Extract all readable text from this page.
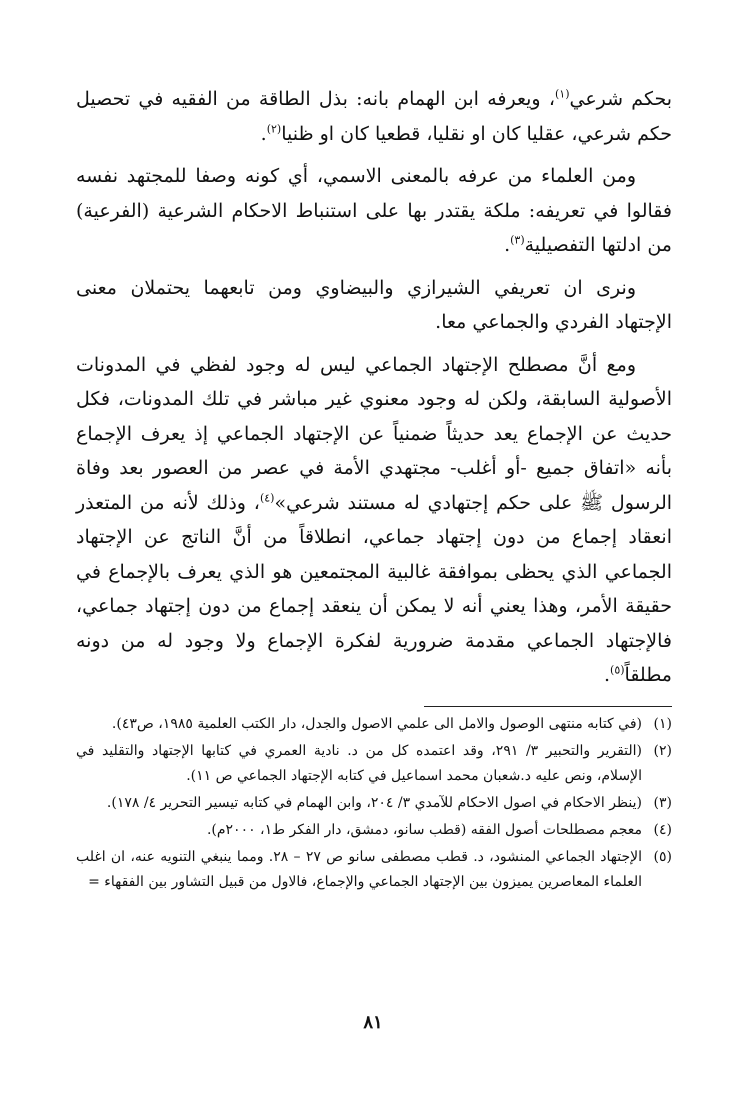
بحكم شرعي$^{(١)}$، ويعرفه ابن الهمام بانه: بذل الطاقة من الفقيه في تحصيل حكم شرعي، عقليا كان او نقليا، قطعيا كان او ظنيا$^{(٢)}$.

ومن العلماء من عرفه بالمعنى الاسمي، أي كونه وصفا للمجتهد نفسه فقالوا في تعريفه: ملكة يقتدر بها على استنباط الاحكام الشرعية (الفرعية) من ادلتها التفصيلية$^{(٣)}$.

ونرى ان تعريفي الشيرازي والبيضاوي ومن تابعهما يحتملان معنى الإجتهاد الفردي والجماعي معا.

ومع أنَّ مصطلح الإجتهاد الجماعي ليس له وجود لفظي في المدونات الأصولية السابقة، ولكن له وجود معنوي غير مباشر في تلك المدونات، فكل حديث عن الإجماع يعد حديثاً ضمنياً عن الإجتهاد الجماعي إذ يعرف الإجماع بأنه «اتفاق جميع -أو أغلب- مجتهدي الأمة في عصر من العصور بعد وفاة الرسول ﷺ على حكم إجتهادي له مستند شرعي»$^{(٤)}$، وذلك لأنه من المتعذر انعقاد إجماع من دون إجتهاد جماعي، انطلاقاً من أنَّ الناتج عن الإجتهاد الجماعي الذي يحظى بموافقة غالبية المجتمعين هو الذي يعرف بالإجماع في حقيقة الأمر، وهذا يعني أنه لا يمكن أن ينعقد إجماع من دون إجتهاد جماعي، فالإجتهاد الجماعي مقدمة ضرورية لفكرة الإجماع ولا وجود له من دونه مطلقاً$^{(٥)}$.

(١)
(في كتابه منتهى الوصول والامل الى علمي الاصول والجدل، دار الكتب العلمية ١٩٨٥، ص٤٣).
(٢)
(التقرير والتحبير ٣/ ٢٩١، وقد اعتمده كل من د. نادية العمري في كتابها الإجتهاد والتقليد في الإسلام، ونص عليه د.شعبان محمد اسماعيل في كتابه الإجتهاد الجماعي ص ١١).
(٣)
(ينظر الاحكام في اصول الاحكام للآمدي ٣/ ٢٠٤، وابن الهمام في كتابه تيسير التحرير ٤/ ١٧٨).
(٤)
معجم مصطلحات أصول الفقه (قطب سانو، دمشق، دار الفكر ط١، ٢٠٠٠م).
(٥)
الإجتهاد الجماعي المنشود، د. قطب مصطفى سانو ص ٢٧ – ٢٨. ومما ينبغي التنويه عنه، ان اغلب العلماء المعاصرين يميزون بين الإجتهاد الجماعي والإجماع، فالاول من قبيل التشاور بين الفقهاء =
٨١
